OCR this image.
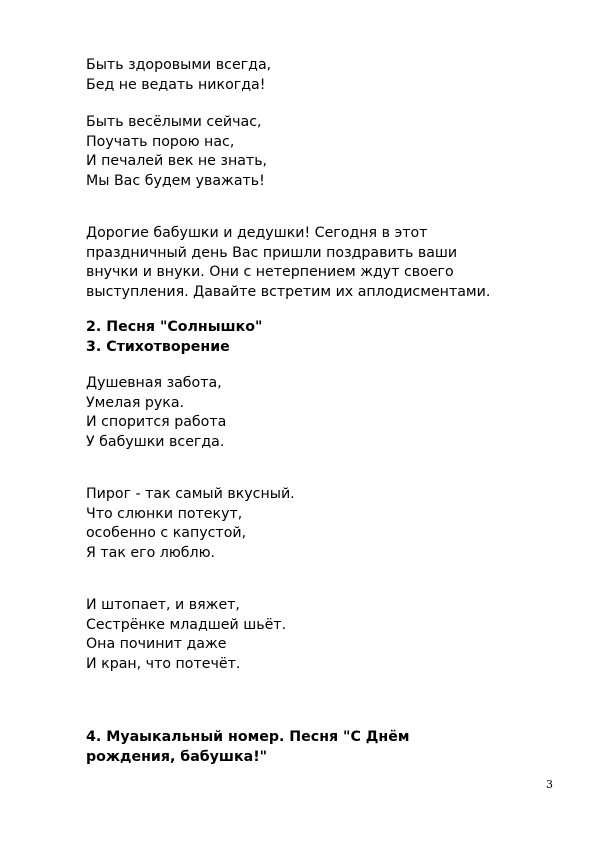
Быть здоровыми всегда,
Бед не ведать никогда!
Быть весёлыми сейчас,
Поучать порою нас,
И печалей век не знать,
Мы Вас будем уважать!
Дорогие бабушки и дедушки! Сегодня в этот
праздничный день Вас пришли поздравить ваши
внучки и внуки. Они с нетерпением ждут своего
выступления. Давайте встретим их аплодисментами.
2. Песня "Солнышко"
3. Стихотворение
Душевная забота,
Умелая рука.
И спорится работа
У бабушки всегда.
Пирог - так самый вкусный.
Что слюнки потекут,
особенно с капустой,
Я так его люблю.
И штопает, и вяжет,
Сестрёнке младшей шьёт.
Она починит даже
И кран, что потечёт.
4. Муаыкальный номер. Песня "С Днём
рождения, бабушка!"
3
